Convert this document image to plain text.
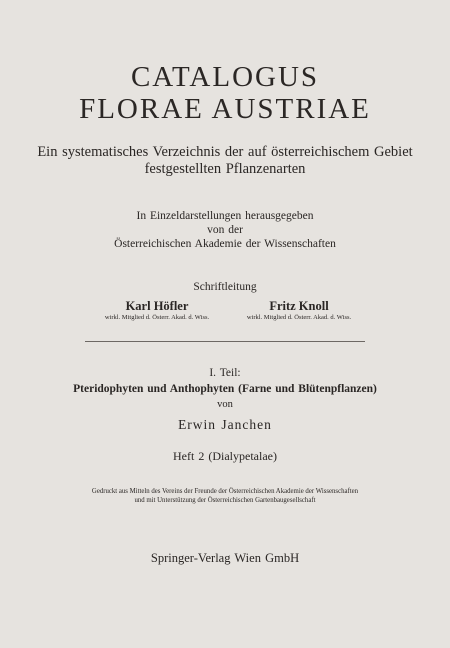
CATALOGUS
FLORAE AUSTRIAE
Ein systematisches Verzeichnis der auf österreichischem Gebiet
festgestellten Pflanzenarten
In Einzeldarstellungen herausgegeben
von der
Österreichischen Akademie der Wissenschaften
Schriftleitung
Karl Höfler
wirkl. Mitglied d. Österr. Akad. d. Wiss.
Fritz Knoll
wirkl. Mitglied d. Österr. Akad. d. Wiss.
I. Teil:
Pteridophyten und Anthophyten (Farne und Blütenpflanzen)
von
Erwin Janchen
Heft 2 (Dialypetalae)
Gedruckt aus Mitteln des Vereins der Freunde der Österreichischen Akademie der Wissenschaften
und mit Unterstützung der Österreichischen Gartenbaugesellschaft
Springer-Verlag Wien GmbH
